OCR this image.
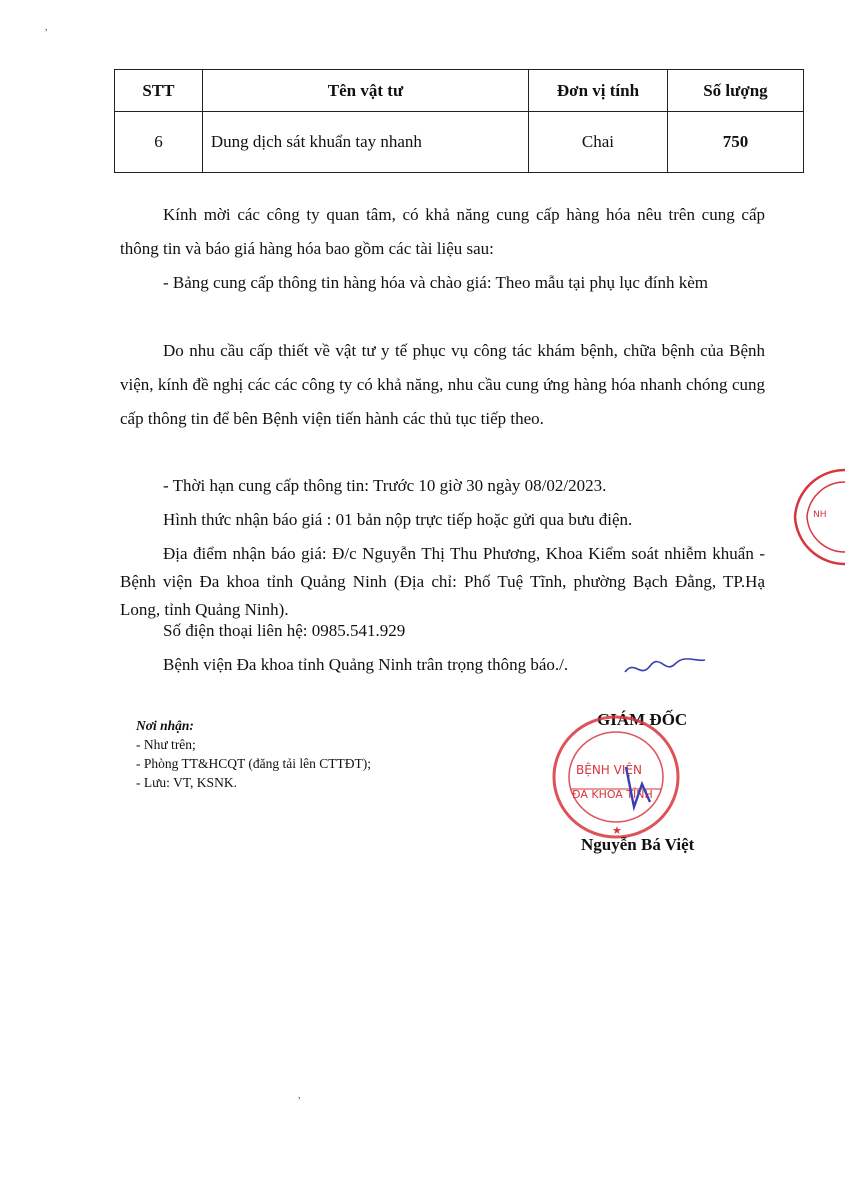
STT	Tên vật tư	Đơn vị tính	Số lượng
6	Dung dịch sát khuẩn tay nhanh	Chai	750
Kính mời các công ty quan tâm, có khả năng cung cấp hàng hóa nêu trên cung cấp thông tin và báo giá hàng hóa bao gồm các tài liệu sau:
- Bảng cung cấp thông tin hàng hóa và chào giá: Theo mẫu tại phụ lục đính kèm
Do nhu cầu cấp thiết về vật tư y tế phục vụ công tác khám bệnh, chữa bệnh của Bệnh viện, kính đề nghị các các công ty có khả năng, nhu cầu cung ứng hàng hóa nhanh chóng cung cấp thông tin để bên Bệnh viện tiến hành các thủ tục tiếp theo.
- Thời hạn cung cấp thông tin: Trước 10 giờ 30 ngày 08/02/2023.
Hình thức nhận báo giá : 01 bản nộp trực tiếp hoặc gửi qua bưu điện.
Địa điểm nhận báo giá: Đ/c Nguyễn Thị Thu Phương, Khoa Kiểm soát nhiễm khuẩn - Bệnh viện Đa khoa tỉnh Quảng Ninh (Địa chỉ: Phố Tuệ Tĩnh, phường Bạch Đằng, TP.Hạ Long, tỉnh Quảng Ninh).
Số điện thoại liên hệ: 0985.541.929
Bệnh viện Đa khoa tỉnh Quảng Ninh trân trọng thông báo./.
NH
Nơi nhận:
- Như trên;
- Phòng TT&HCQT (đăng tải lên CTTĐT);
- Lưu: VT, KSNK.
GIÁM ĐỐC
BỆNH VIỆN
ĐA KHOA TỈNH
★
Nguyễn Bá Việt
,
,
